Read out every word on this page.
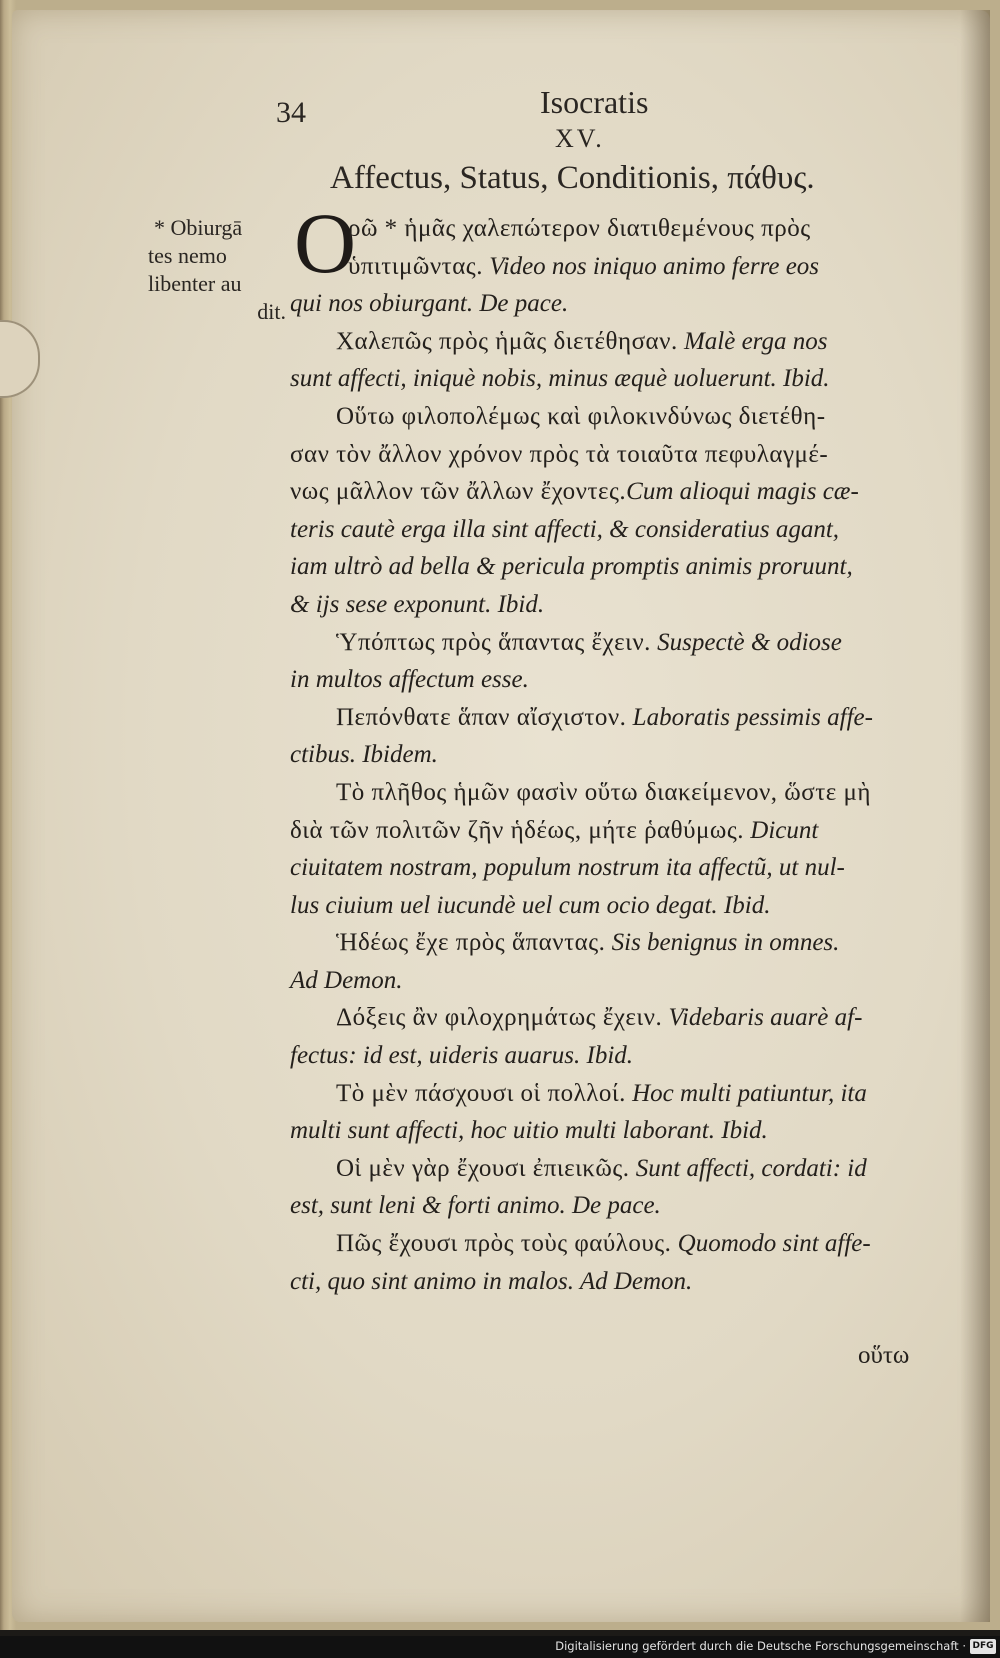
34	Isocratis
XV.
Affectus, Status, Conditionis, πάθυς.
* Obiurgā
tes nemo
libenter au
dit.
O
ρῶ * ἡμᾶς χαλεπώτερον διατιθεμένους πρὸς
ὑπιτιμῶντας. Video nos iniquo animo ferre eos
qui nos obiurgant. De pace.
Χαλεπῶς πρὸς ἡμᾶς διετέθησαν. Malè erga nos
sunt affecti, iniquè nobis, minus æquè uoluerunt. Ibid.
Οὕτω φιλοπολέμως καὶ φιλοκινδύνως διετέθη-
σαν τὸν ἄλλον χρόνον πρὸς τὰ τοιαῦτα πεφυλαγμέ-
νως μᾶλλον τῶν ἄλλων ἔχοντες.Cum alioqui magis cæ-
teris cautè erga illa sint affecti, & consideratius agant,
iam ultrò ad bella & pericula promptis animis proruunt,
& ijs sese exponunt. Ibid.
Ὑπόπτως πρὸς ἅπαντας ἔχειν. Suspectè & odiose
in multos affectum esse.
Πεπόνθατε ἅπαν αἴσχιστον. Laboratis pessimis affe-
ctibus. Ibidem.
Τὸ πλῆθος ἡμῶν φασὶν οὕτω διακείμενον, ὥστε μὴ
διὰ τῶν πολιτῶν ζῆν ἡδέως, μήτε ῥαθύμως. Dicunt
ciuitatem nostram, populum nostrum ita affectũ, ut nul-
lus ciuium uel iucundè uel cum ocio degat. Ibid.
Ἡδέως ἔχε πρὸς ἅπαντας. Sis benignus in omnes.
Ad Demon.
Δόξεις ἂν φιλοχρημάτως ἔχειν. Videbaris auarè af-
fectus: id est, uideris auarus. Ibid.
Τὸ μὲν πάσχουσι οἱ πολλοί. Hoc multi patiuntur, ita
multi sunt affecti, hoc uitio multi laborant. Ibid.
Οἱ μὲν γὰρ ἔχουσι ἐπιεικῶς. Sunt affecti, cordati: id
est, sunt leni & forti animo. De pace.
Πῶς ἔχουσι πρὸς τοὺς φαύλους. Quomodo sint affe-
cti, quo sint animo in malos. Ad Demon.
οὕτω
Digitalisierung gefördert durch die Deutsche Forschungsgemeinschaft · DFG
